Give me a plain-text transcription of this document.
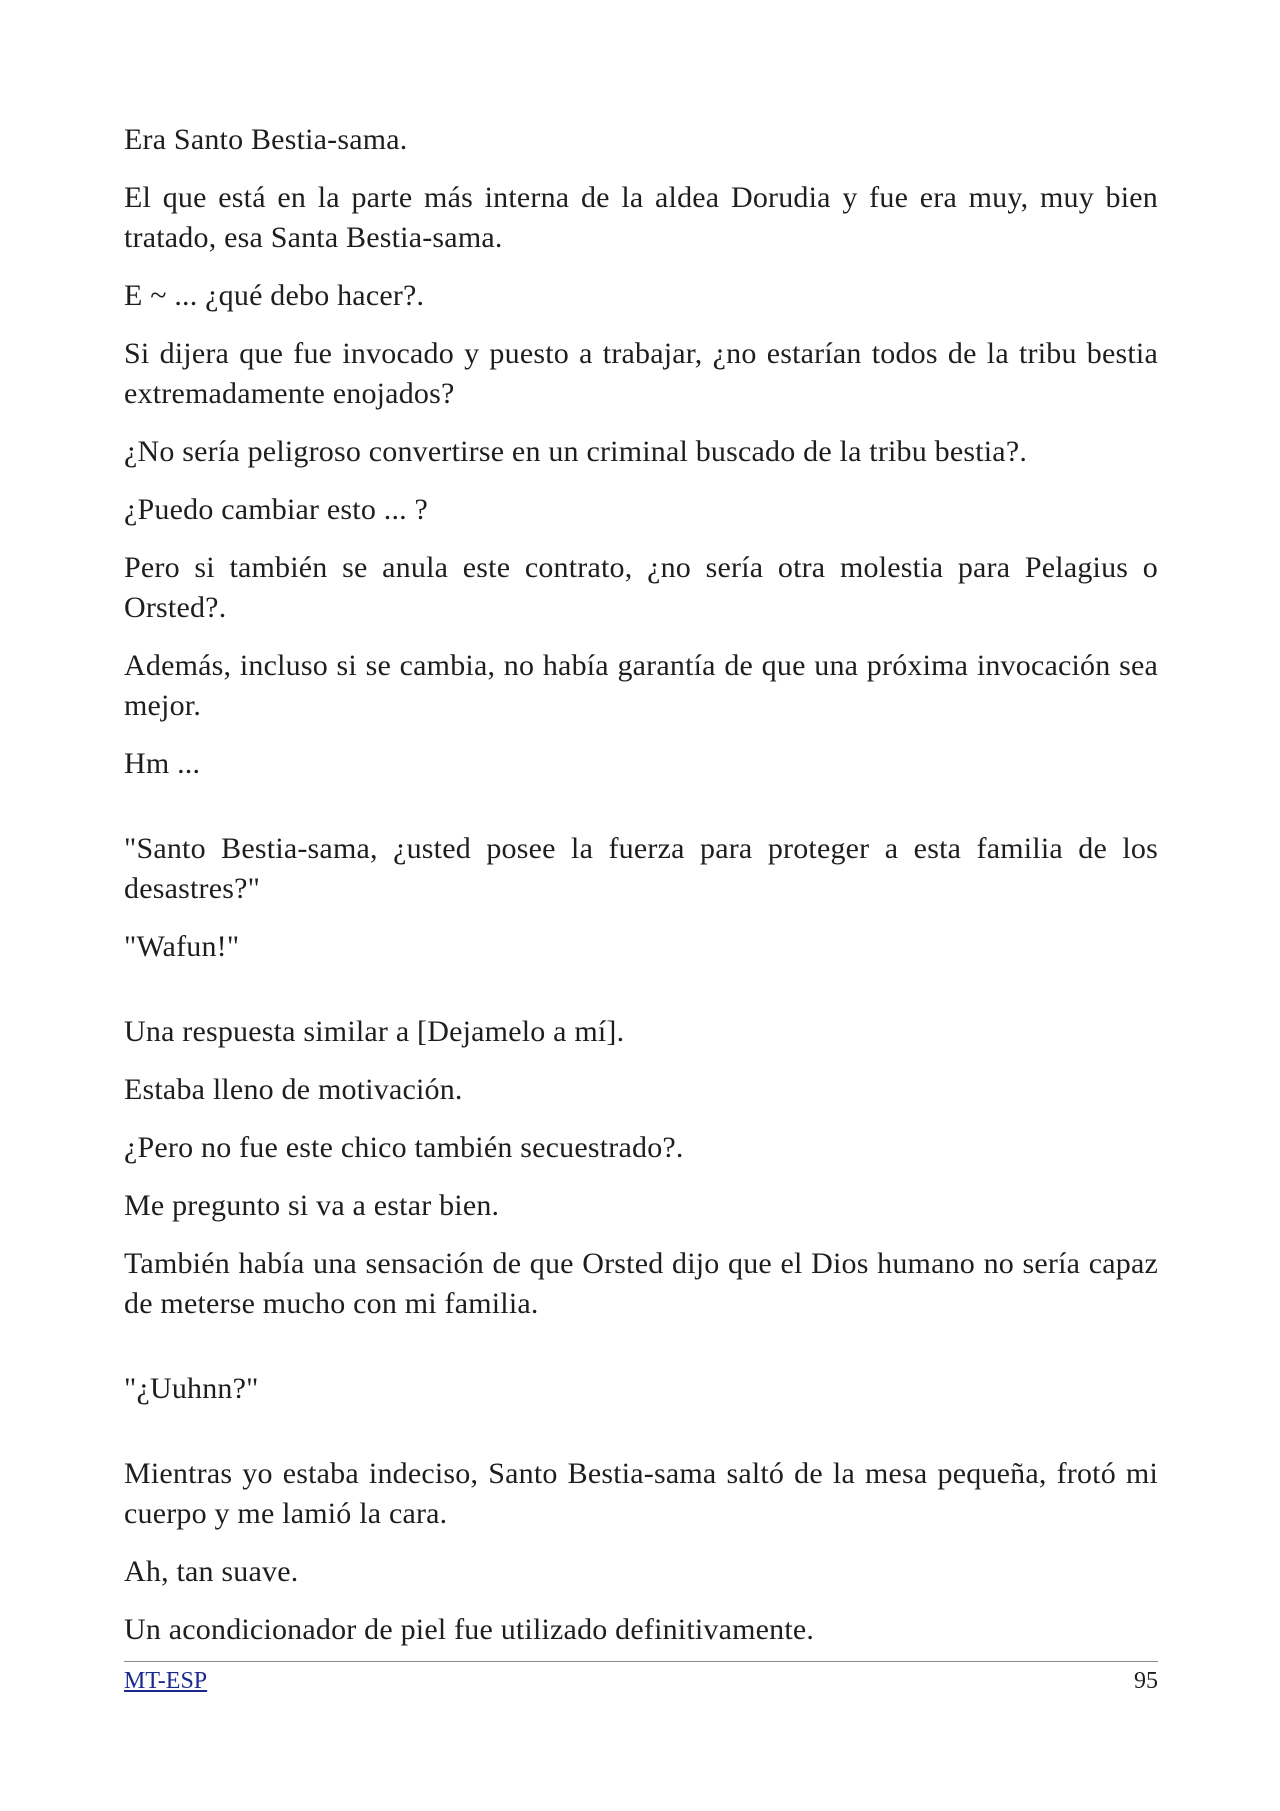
Era Santo Bestia-sama.

El que está en la parte más interna de la aldea Dorudia y fue era muy, muy bien tratado, esa Santa Bestia-sama.

E ~ ... ¿qué debo hacer?.

Si dijera que fue invocado y puesto a trabajar, ¿no estarían todos de la tribu bestia extremadamente enojados?

¿No sería peligroso convertirse en un criminal buscado de la tribu bestia?.

¿Puedo cambiar esto ... ?

Pero si también se anula este contrato, ¿no sería otra molestia para Pelagius o Orsted?.

Además, incluso si se cambia, no había garantía de que una próxima invocación sea mejor.

Hm ...

"Santo Bestia-sama, ¿usted posee la fuerza para proteger a esta familia de los desastres?"

"Wafun!"

Una respuesta similar a [Dejamelo a mí].

Estaba lleno de motivación.

¿Pero no fue este chico también secuestrado?.

Me pregunto si va a estar bien.

También había una sensación de que Orsted dijo que el Dios humano no sería capaz de meterse mucho con mi familia.

"¿Uuhnn?"

Mientras yo estaba indeciso, Santo Bestia-sama saltó de la mesa pequeña, frotó mi cuerpo y me lamió la cara.

Ah, tan suave.

Un acondicionador de piel fue utilizado definitivamente.

MT-ESP	95
